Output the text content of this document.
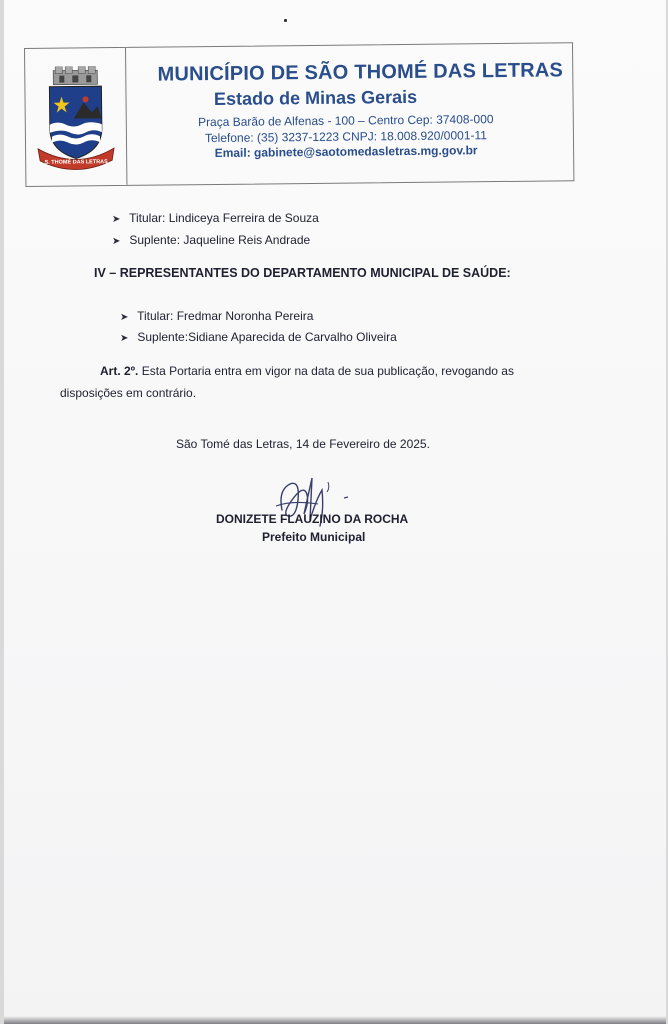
S. THOMÉ DAS LETRAS
MUNICÍPIO DE SÃO THOMÉ DAS LETRAS
Estado de Minas Gerais
Praça Barão de Alfenas - 100 – Centro Cep: 37408-000
Telefone: (35) 3237-1223 CNPJ: 18.008.920/0001-11
Email: gabinete@saotomedasletras.mg.gov.br
➤ Titular: Lindiceya Ferreira de Souza
➤ Suplente: Jaqueline Reis Andrade
IV – REPRESENTANTES DO DEPARTAMENTO MUNICIPAL DE SAÚDE:
➤ Titular: Fredmar Noronha Pereira
➤ Suplente:Sidiane Aparecida de Carvalho Oliveira
Art. 2º. Esta Portaria entra em vigor na data de sua publicação, revogando as
disposições em contrário.
São Tomé das Letras, 14 de Fevereiro de 2025.
DONIZETE FLAUZINO DA ROCHA
Prefeito Municipal
